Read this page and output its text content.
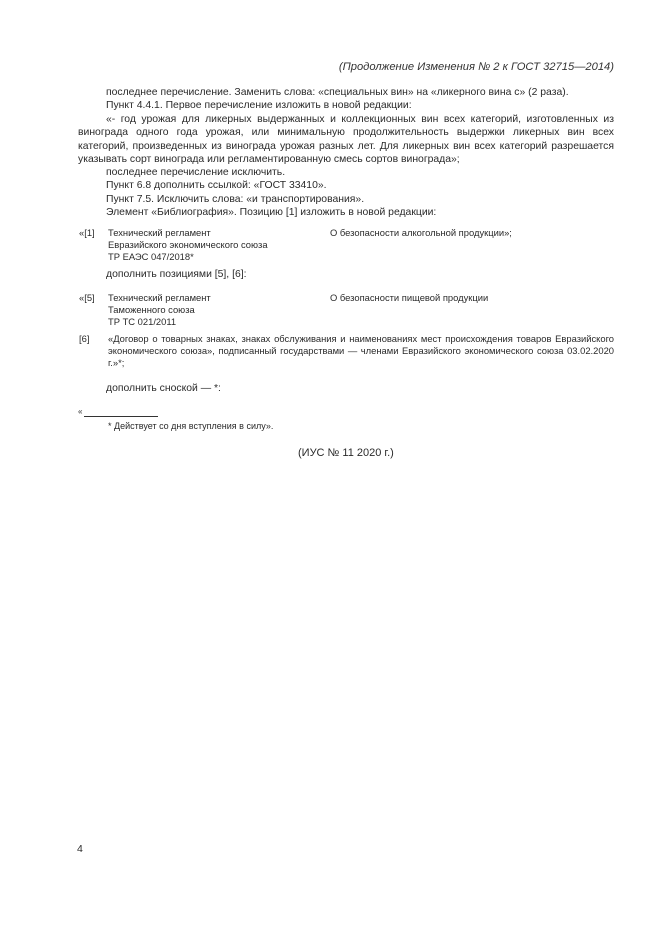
(Продолжение Изменения № 2 к ГОСТ 32715—2014)
последнее перечисление. Заменить слова: «специальных вин» на «ликерного вина с» (2 раза).
Пункт 4.4.1. Первое перечисление изложить в новой редакции:
«- год урожая для ликерных выдержанных и коллекционных вин всех категорий, изготовленных из винограда одного года урожая, или минимальную продолжительность выдержки ликерных вин всех категорий, произведенных из винограда урожая разных лет. Для ликерных вин всех категорий разрешается указывать сорт винограда или регламентированную смесь сортов винограда»;
последнее перечисление исключить.
Пункт 6.8 дополнить ссылкой: «ГОСТ 33410».
Пункт 7.5. Исключить слова: «и транспортирования».
Элемент «Библиография». Позицию [1] изложить в новой редакции:
«[1] Технический регламент
Евразийского экономического союза
ТР ЕАЭС 047/2018*
О безопасности алкогольной продукции»;
дополнить позициями [5], [6]:
«[5] Технический регламент
Таможенного союза
ТР ТС 021/2011
О безопасности пищевой продукции
[6] «Договор о товарных знаках, знаках обслуживания и наименованиях мест происхождения товаров Евразийского экономического союза», подписанный государствами — членами Евразийского экономического союза 03.02.2020 г.»*;
дополнить сноской — *:
«
* Действует со дня вступления в силу».
(ИУС № 11 2020 г.)
4
